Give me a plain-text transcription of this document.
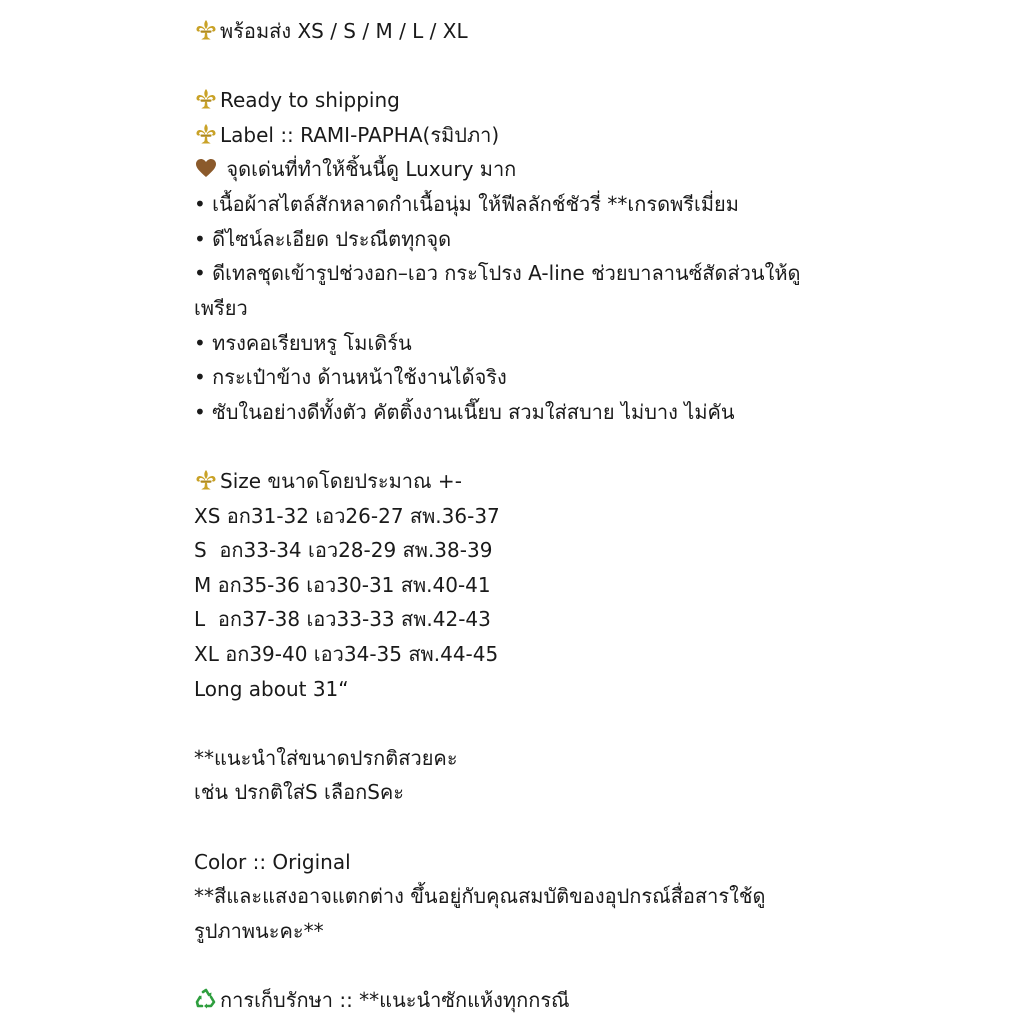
พร้อมส่ง XS / S / M / L / XL
Ready to shipping
Label :: RAMI-PAPHA(รมิปภา)
จุดเด่นที่ทำให้ชิ้นนี้ดู Luxury มาก
• เนื้อผ้าสไตล์สักหลาดกำเนื้อนุ่ม ให้ฟีลลักช์ชัวรี่ **เกรดพรีเมี่ยม
• ดีไซน์ละเอียด ประณีตทุกจุด
• ดีเทลชุดเข้ารูปช่วงอก–เอว กระโปรง A-line ช่วยบาลานซ์สัดส่วนให้ดู
เพรียว
• ทรงคอเรียบหรู โมเดิร์น
• กระเป๋าข้าง ด้านหน้าใช้งานได้จริง
• ซับในอย่างดีทั้งตัว คัตติ้งงานเนี๊ยบ สวมใส่สบาย ไม่บาง ไม่คัน
Size ขนาดโดยประมาณ +-
XS อก31-32 เอว26-27 สพ.36-37
S  อก33-34 เอว28-29 สพ.38-39
M อก35-36 เอว30-31 สพ.40-41
L  อก37-38 เอว33-33 สพ.42-43
XL อก39-40 เอว34-35 สพ.44-45
Long about 31“
**แนะนำใส่ขนาดปรกติสวยคะ
เช่น ปรกติใส่S เลือกSคะ
Color :: Original
**สีและแสงอาจแตกต่าง ขึ้นอยู่กับคุณสมบัติของอุปกรณ์สื่อสารใช้ดู
รูปภาพนะคะ**
การเก็บรักษา :: **แนะนำซักแห้งทุกกรณี
